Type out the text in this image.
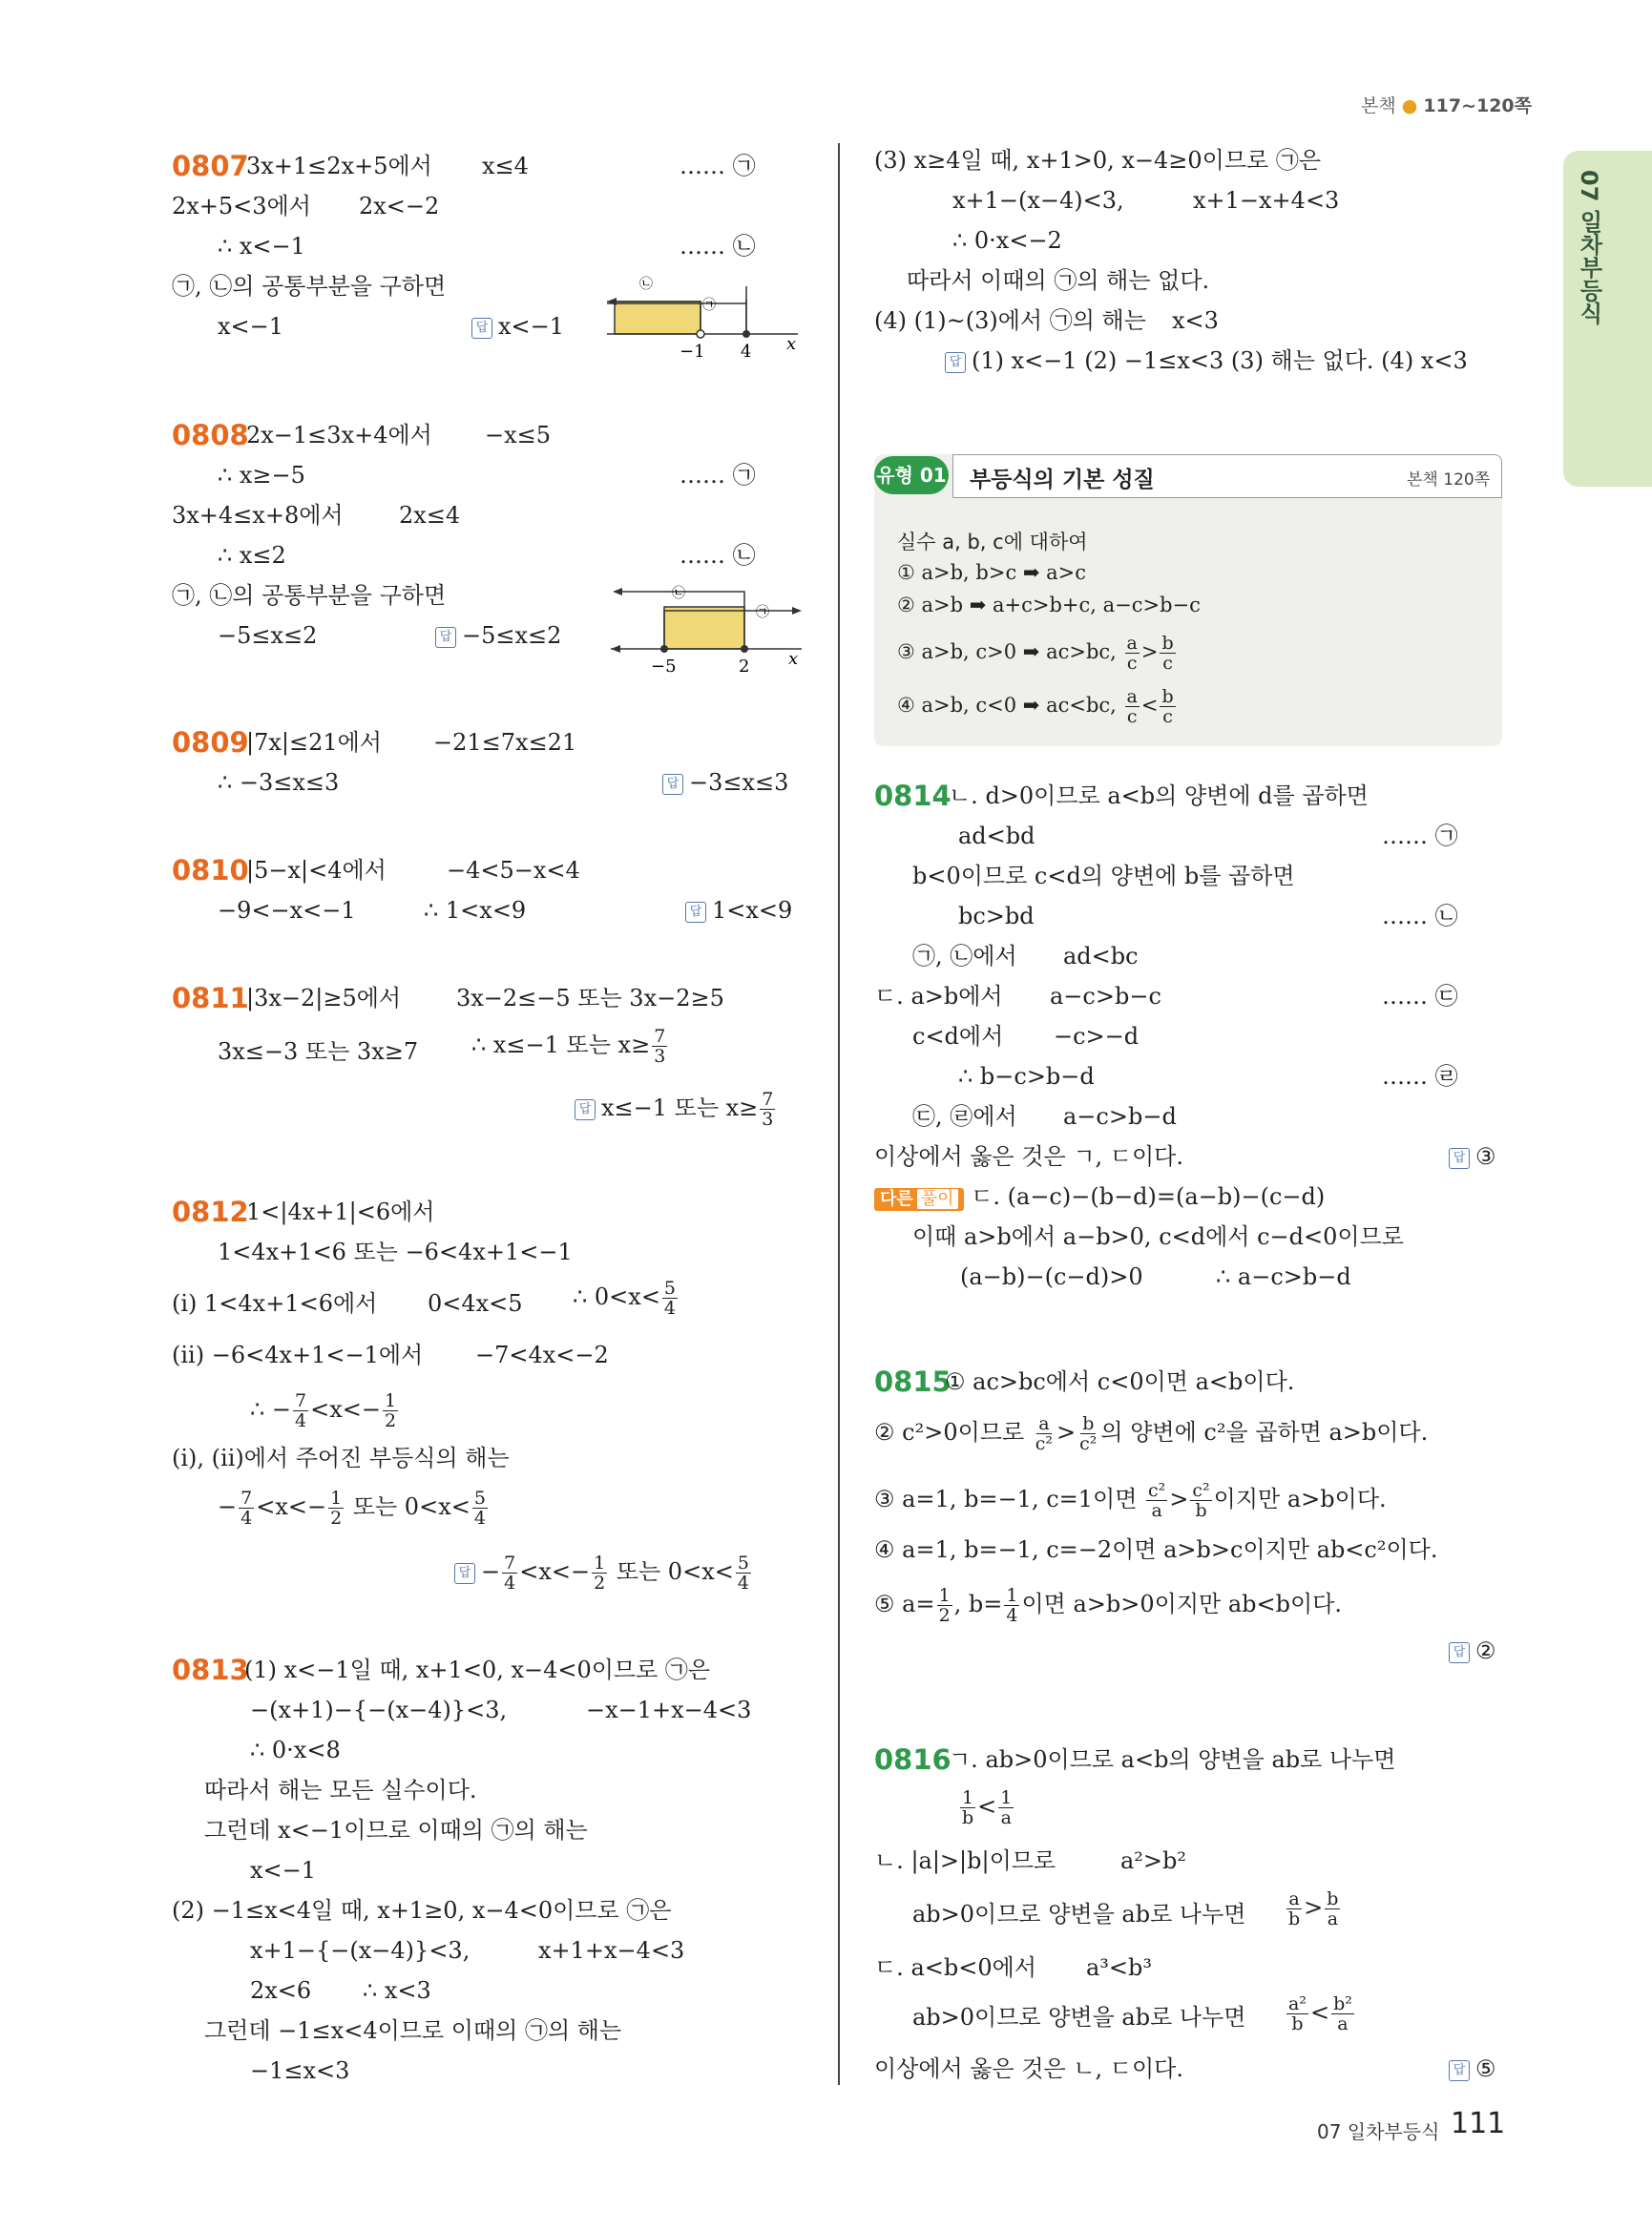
본책 ● 117~120쪽
07 일차부등식
0807
3x+1≤2x+5에서 x≤4	…… ㉠
2x+5<3에서 2x<−2
∴ x<−1	…… ㉡
㉠, ㉡의 공통부분을 구하면
x<−1	답 x<−1
−1 4 x
㉡
㉠
0808
2x−1≤3x+4에서 −x≤5
∴ x≥−5	…… ㉠
3x+4≤x+8에서 2x≤4
∴ x≤2	…… ㉡
㉠, ㉡의 공통부분을 구하면
−5≤x≤2	답 −5≤x≤2
−5	2 x
㉡
㉠
0809
|7x|≤21에서 −21≤7x≤21
∴ −3≤x≤3	답 −3≤x≤3
0810
|5−x|<4에서	−4<5−x<4
−9<−x<−1	∴ 1<x<9	답 1<x<9
0811
|3x−2|≥5에서 3x−2≤−5 또는 3x−2≥5
3x≤−3 또는 3x≥7 ∴ x≤−1 또는 $x\ge \frac{7}{3}$
답 x≤−1 또는 $x\ge \frac{7}{3}$
0812
1<|4x+1|<6에서
1<4x+1<6 또는 −6<4x+1<−1
(i) 1<4x+1<6에서 0<4x<5 ∴ $0<x< \frac{5}{4}$
(ii) −6<4x+1<−1에서 −7<4x<−2
∴ − $\frac{7}{4} <x<- \frac{1}{2}$
(i), (ii)에서 주어진 부등식의 해는
− $\frac{7}{4} <x<- \frac{1}{2}$ 또는 $0<x< \frac{5}{4}$
답 − $\frac{7}{4} <x<- \frac{1}{2}$ 또는 $0<x< \frac{5}{4}$
0813
(1) x<−1일 때, x+1<0, x−4<0이므로 ㉠은
−(x+1)−{−(x−4)}<3,	−x−1+x−4<3
∴ 0·x<8
따라서 해는 모든 실수이다.
그런데 x<−1이므로 이때의 ㉠의 해는
x<−1
(2) −1≤x<4일 때, x+1≥0, x−4<0이므로 ㉠은
x+1−{−(x−4)}<3,	x+1+x−4<3
2x<6 ∴ x<3
그런데 −1≤x<4이므로 이때의 ㉠의 해는
−1≤x<3
(3) x≥4일 때, x+1>0, x−4≥0이므로 ㉠은
x+1−(x−4)<3,	x+1−x+4<3
∴ 0·x<−2
따라서 이때의 ㉠의 해는 없다.
(4) (1)~(3)에서 ㉠의 해는 x<3
답 (1) x<−1 (2) −1≤x<3 (3) 해는 없다. (4) x<3
유형 01 부등식의 기본 성질	본책 120쪽
실수 a, b, c에 대하여
① a>b, b>c ➡ a>c
② a>b ➡ a+c>b+c, a−c>b−c
③ a>b, c>0 ➡ ac>bc, $\frac{a}{c} > \frac{b}{c}$
④ a>b, c<0 ➡ ac<bc, $\frac{a}{c} < \frac{b}{c}$
0814
ㄴ. d>0이므로 a<b의 양변에 d를 곱하면
ad<bd	…… ㉠
b<0이므로 c<d의 양변에 b를 곱하면
bc>bd	…… ㉡
㉠, ㉡에서 ad<bc
ㄷ. a>b에서 a−c>b−c	…… ㉢
c<d에서 −c>−d
∴ b−c>b−d	…… ㉣
㉢, ㉣에서 a−c>b−d
이상에서 옳은 것은 ㄱ, ㄷ이다.	답 ③
다른 풀이 ㄷ. (a−c)−(b−d)=(a−b)−(c−d)
이때 a>b에서 a−b>0, c<d에서 c−d<0이므로
(a−b)−(c−d)>0	∴ a−c>b−d
0815
① ac>bc에서 c<0이면 a<b이다.
② c²>0이므로 $\frac{a}{\text{c²}} > \frac{b}{\text{c²}}$ 의 양변에 c²을 곱하면 a>b이다.
③ a=1, b=−1, c=1이면 $\frac{\text{c²}}{a} > \frac{\text{c²}}{b}$ 이지만 a>b이다.
④ a=1, b=−1, c=−2이면 a>b>c이지만 ab<c²이다.
⑤ $a= \frac{1}{2}$ , $b= \frac{1}{4}$ 이면 a>b>0이지만 ab<b이다.
답 ②
0816
ㄱ. ab>0이므로 a<b의 양변을 ab로 나누면
$\frac{1}{b} < \frac{1}{a}$
ㄴ. |a|>|b|이므로	a²>b²
ab>0이므로 양변을 ab로 나누면 $\frac{a}{b} > \frac{b}{a}$
ㄷ. a<b<0에서 a³<b³
ab>0이므로 양변을 ab로 나누면 $\frac{\text{a²}}{b} < \frac{\text{b²}}{a}$
이상에서 옳은 것은 ㄴ, ㄷ이다.	답 ⑤
07 일차부등식 111
